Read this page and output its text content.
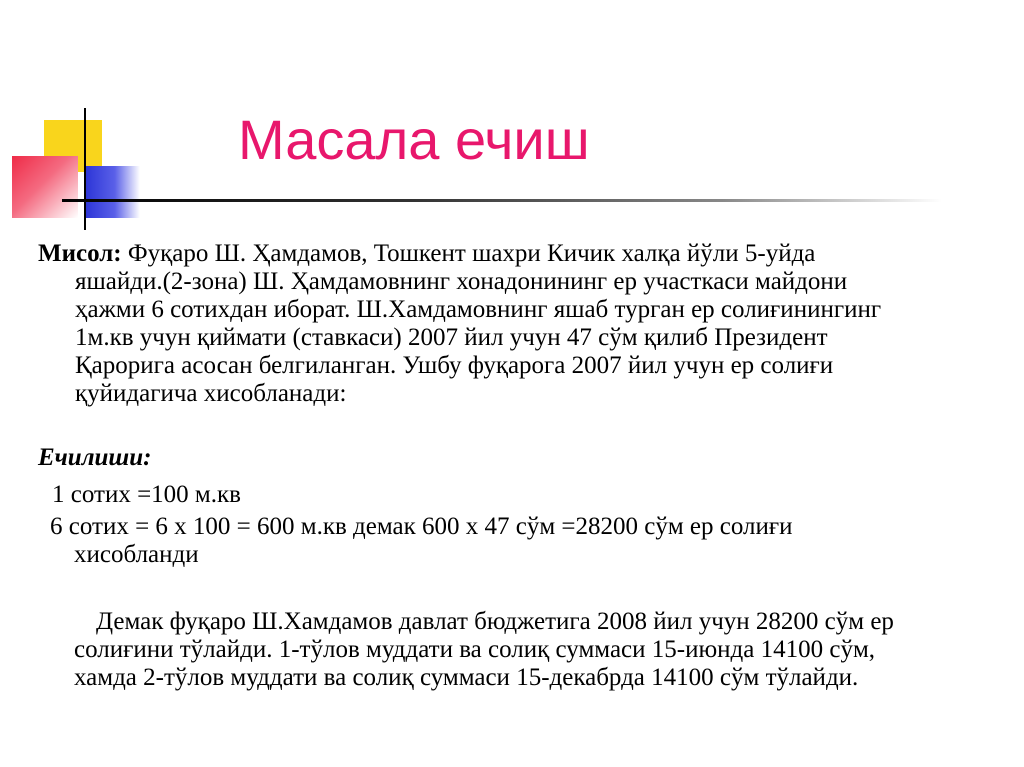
Масала ечиш

Мисол: Фуқаро Ш. Ҳамдамов, Тошкент шахри Кичик халқа йўли 5-уйда
яшайди.(2-зона) Ш. Ҳамдамовнинг хонадонининг ер участкаси майдони
ҳажми 6 сотихдан иборат. Ш.Хамдамовнинг яшаб турган ер солиғинингинг
1м.кв учун қиймати (ставкаси) 2007 йил учун 47 сўм қилиб Президент
Қарорига асосан белгиланган. Ушбу фуқарога 2007 йил учун ер солиғи
қуйидагича хисобланади:

Ечилиши:

1 сотих =100 м.кв

6 сотих = 6 х 100 = 600 м.кв демак 600 х 47 сўм =28200 сўм ер солиғи
хисобланди

Демак фуқаро Ш.Хамдамов давлат бюджетига 2008 йил учун 28200 сўм ер
солиғини тўлайди. 1-тўлов муддати ва солиқ суммаси 15-июнда 14100 сўм,
хамда 2-тўлов муддати ва солиқ суммаси 15-декабрда 14100 сўм тўлайди.
